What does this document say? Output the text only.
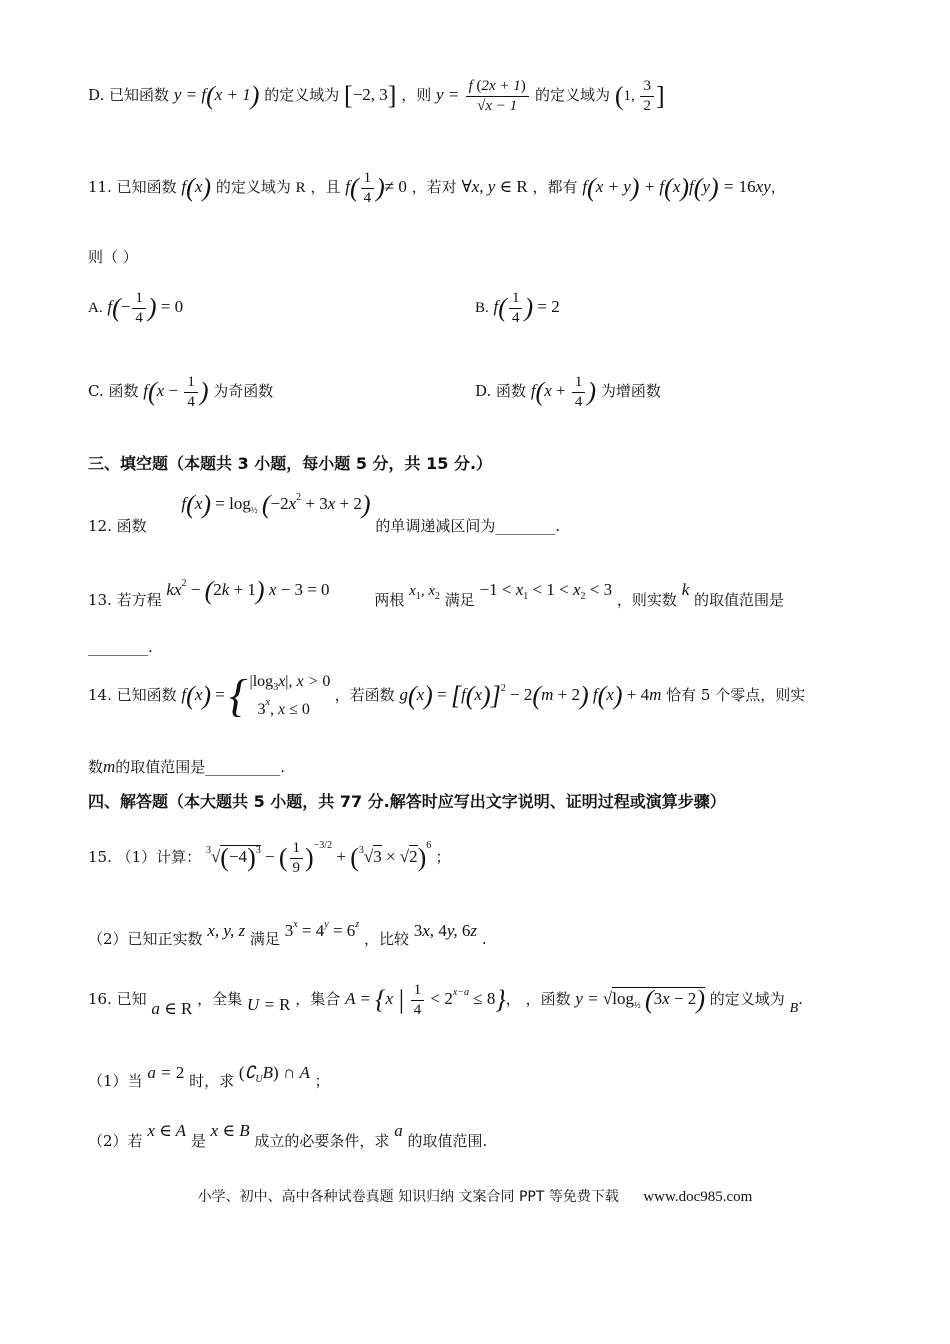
D. 已知函数 y = f(x + 1) 的定义域为 [−2, 3] ，则 $y = \frac{f (2x + 1)}{√x - 1}$ 的定义域为 (1, $\frac{3}{2}$ ]
11. 已知函数 f(x) 的定义域为 R ，且 $f( \frac{1}{4}$ )≠ 0 ，若对 ∀x, y ∈ R ，都有 f(x + y) + f(x)f(y) = 16xy，
则（ ）
A. $f(- \frac{1}{4}$ ) = 0	B. $f( \frac{1}{4}$ ) = 2
C. 函数 $f(x - \frac{1}{4}$ ) 为奇函数	D. 函数 $f(x + \frac{1}{4}$ ) 为增函数
三、填空题（本题共 3 小题，每小题 5 分，共 15 分.）
12. 函数 $f(x) = \log_{\frac{1}{2}} (-2x^2 + 3x + 2)$ 的单调递减区间为________.
13. 若方程 $kx^2 - (2k + 1) x - 3 = 0$ 两根 $x_1$, $x_2$ 满足 $-1 < x_1 < 1 < x_2 < 3$ ，则实数 k 的取值范围是
________.
14. 已知函数 f(x) = { $|\log_3x|$, x > 0
3$^x$, x ≤ 0
，若函数 $g(x) = [f(x)]^2 - 2(m + 2) f(x) + 4m$ 恰有 5 个零点，则实
数m的取值范围是__________.
四、解答题（本大题共 5 小题，共 77 分.解答时应写出文字说明、证明过程或演算步骤）
15. （1）计算： $^3√(-4)^3$ − ( $\frac{1}{9} )^{-3/2} + (^3√3 \times √2)^6$ ；
（2）已知正实数 x, y, z 满足 $3^x = 4^y = 6^z$ ，比较 3x, 4y, 6z .
16. 已知 a ∈ R ，全集 U = R ，集合 A = {x | $\frac{1}{4} < 2^{x-a} \le 8$}， ，函数 $y = √\log_{\frac{1}{2}}$ (3x − 2) 的定义域为 B.
（1）当 a = 2 时，求 $(∁_UB)$ ∩ A ；
（2）若 x ∈ A 是 x ∈ B 成立的必要条件，求 a 的取值范围.
小学、初中、高中各种试卷真题 知识归纳 文案合同 PPT 等免费下载 www.doc985.com
